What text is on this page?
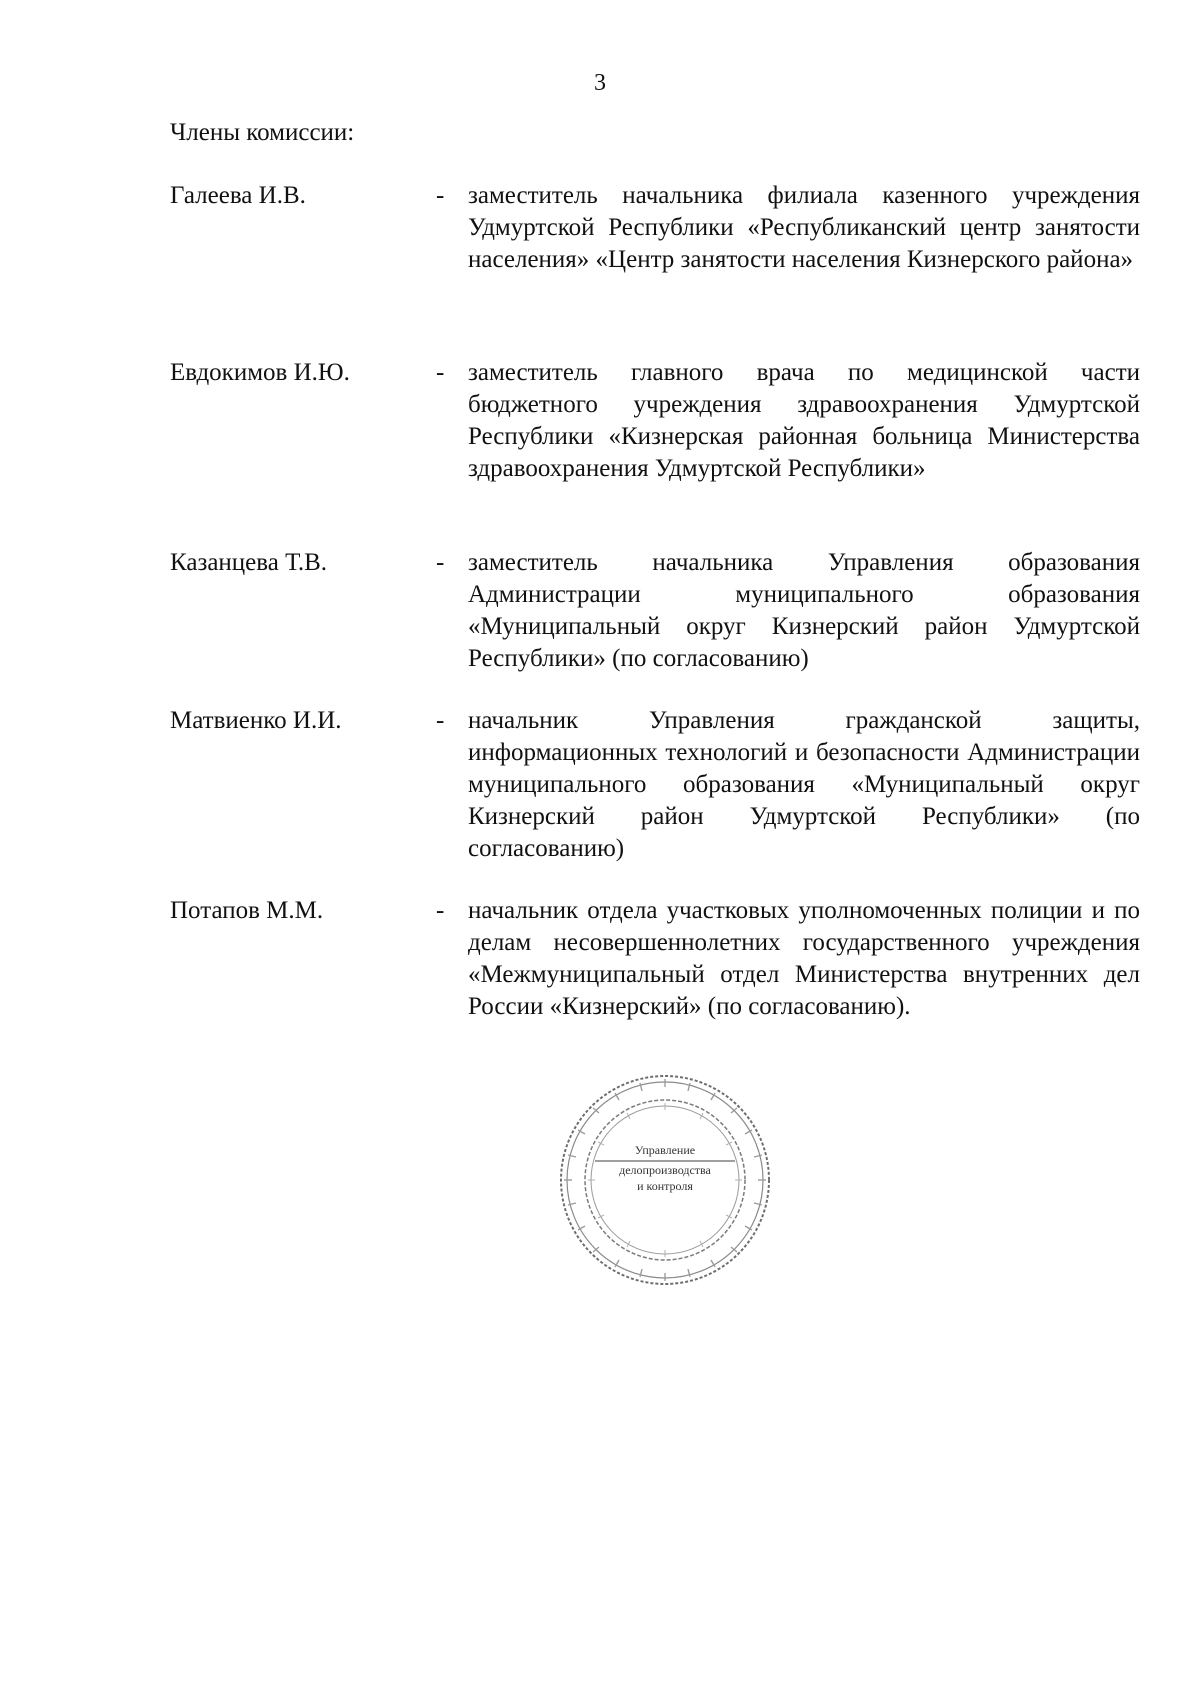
3
Члены комиссии:
Галеева И.В.	- заместитель начальника филиала казенного учреждения Удмуртской Республики «Республиканский центр занятости населения» «Центр занятости населения Кизнерского района»
Евдокимов И.Ю.	- заместитель главного врача по медицинской части бюджетного учреждения здравоохранения Удмуртской Республики «Кизнерская районная больница Министерства здравоохранения Удмуртской Республики»
Казанцева Т.В.	- заместитель начальника Управления образования Администрации муниципального образования «Муниципальный округ Кизнерский район Удмуртской Республики» (по согласованию)
Матвиенко И.И.	- начальник Управления гражданской защиты, информационных технологий и безопасности Администрации муниципального образования «Муниципальный округ Кизнерский район Удмуртской Республики» (по согласованию)
Потапов М.М.	- начальник отдела участковых уполномоченных полиции и по делам несовершеннолетних государственного учреждения «Межмуниципальный отдел Министерства внутренних дел России «Кизнерский» (по согласованию).
Управление
делопроизводства
и контроля
